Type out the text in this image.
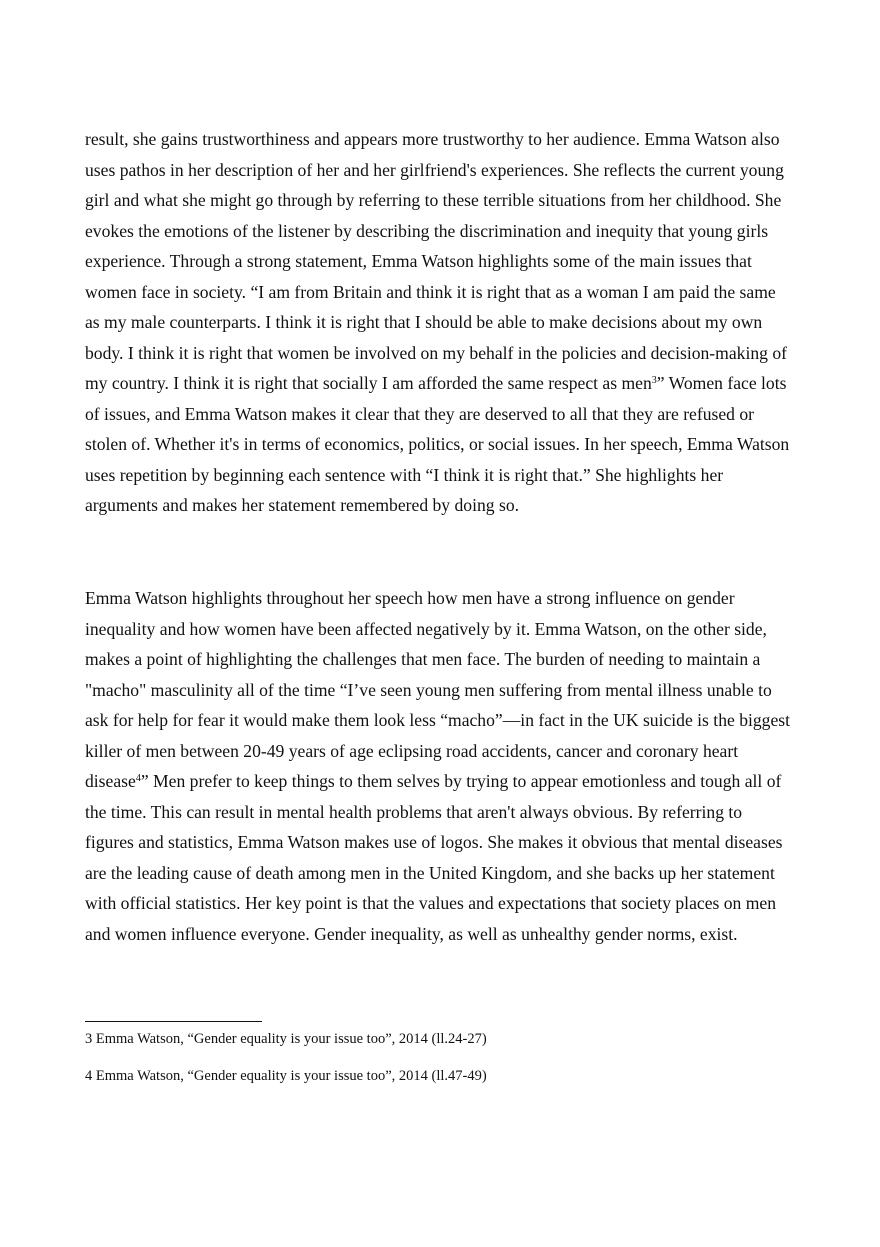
result, she gains trustworthiness and appears more trustworthy to her audience. Emma Watson also
uses pathos in her description of her and her girlfriend's experiences. She reflects the current young
girl and what she might go through by referring to these terrible situations from her childhood. She
evokes the emotions of the listener by describing the discrimination and inequity that young girls
experience. Through a strong statement, Emma Watson highlights some of the main issues that
women face in society. “I am from Britain and think it is right that as a woman I am paid the same
as my male counterparts. I think it is right that I should be able to make decisions about my own
body. I think it is right that women be involved on my behalf in the policies and decision-making of
my country. I think it is right that socially I am afforded the same respect as men$^3$” Women face lots
of issues, and Emma Watson makes it clear that they are deserved to all that they are refused or
stolen of. Whether it's in terms of economics, politics, or social issues. In her speech, Emma Watson
uses repetition by beginning each sentence with “I think it is right that.” She highlights her
arguments and makes her statement remembered by doing so.

Emma Watson highlights throughout her speech how men have a strong influence on gender
inequality and how women have been affected negatively by it. Emma Watson, on the other side,
makes a point of highlighting the challenges that men face. The burden of needing to maintain a
"macho" masculinity all of the time “I’ve seen young men suffering from mental illness unable to
ask for help for fear it would make them look less “macho”—in fact in the UK suicide is the biggest
killer of men between 20-49 years of age eclipsing road accidents, cancer and coronary heart
disease$^4$” Men prefer to keep things to them selves by trying to appear emotionless and tough all of
the time. This can result in mental health problems that aren't always obvious. By referring to
figures and statistics, Emma Watson makes use of logos. She makes it obvious that mental diseases
are the leading cause of death among men in the United Kingdom, and she backs up her statement
with official statistics. Her key point is that the values and expectations that society places on men
and women influence everyone. Gender inequality, as well as unhealthy gender norms, exist.

3 Emma Watson, “Gender equality is your issue too”, 2014 (ll.24-27)

4 Emma Watson, “Gender equality is your issue too”, 2014 (ll.47-49)
